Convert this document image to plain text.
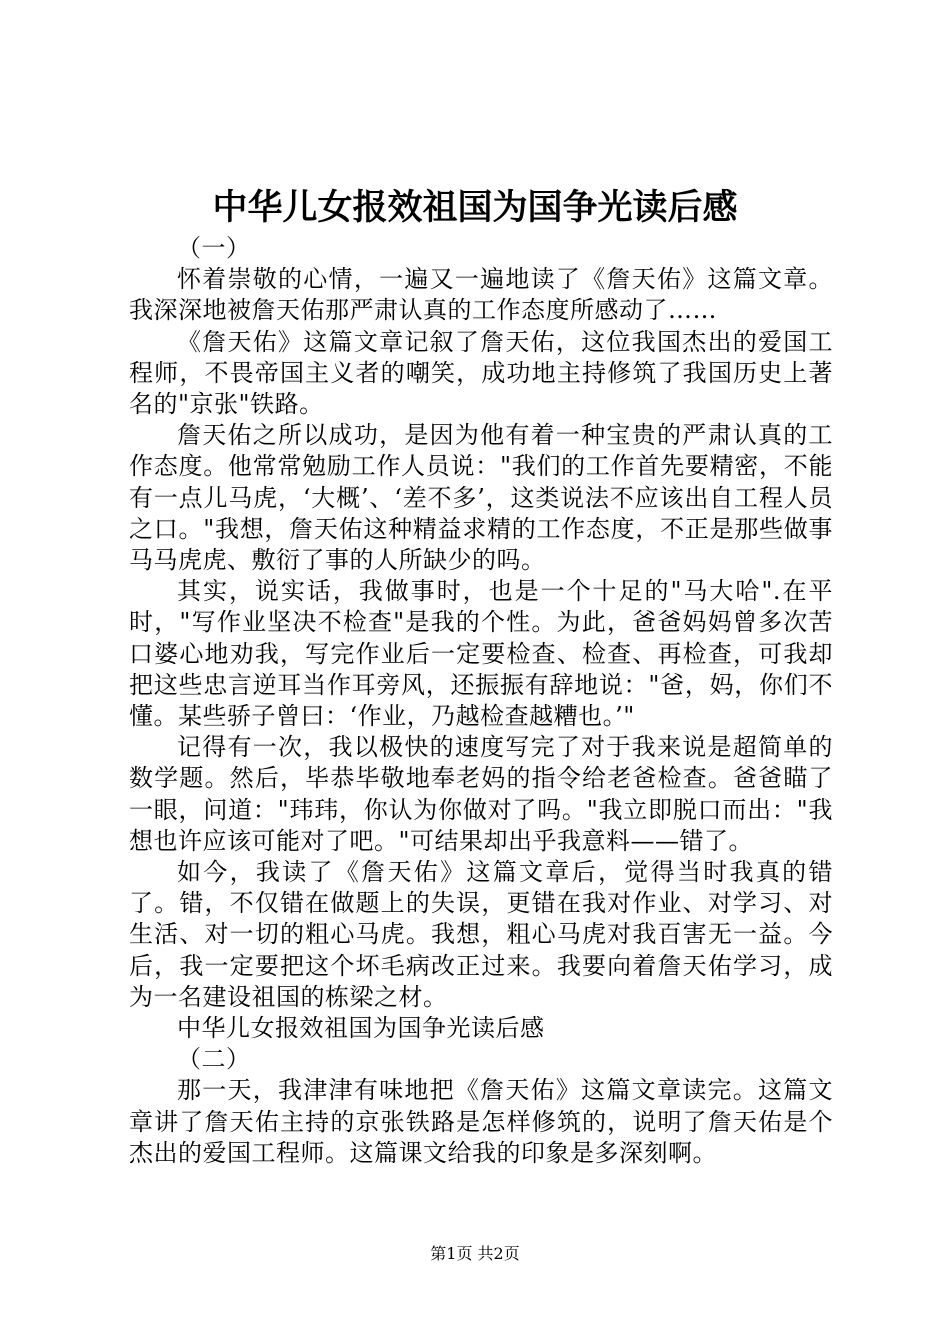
中华儿女报效祖国为国争光读后感

（一）

怀着崇敬的心情，一遍又一遍地读了《詹天佑》这篇文章。我深深地被詹天佑那严肃认真的工作态度所感动了……

《詹天佑》这篇文章记叙了詹天佑，这位我国杰出的爱国工程师，不畏帝国主义者的嘲笑，成功地主持修筑了我国历史上著名的"京张"铁路。

詹天佑之所以成功，是因为他有着一种宝贵的严肃认真的工作态度。他常常勉励工作人员说："我们的工作首先要精密，不能有一点儿马虎，‘大概’、‘差不多’，这类说法不应该出自工程人员之口。"我想，詹天佑这种精益求精的工作态度，不正是那些做事马马虎虎、敷衍了事的人所缺少的吗。

其实，说实话，我做事时，也是一个十足的"马大哈".在平时，"写作业坚决不检查"是我的个性。为此，爸爸妈妈曾多次苦口婆心地劝我，写完作业后一定要检查、检查、再检查，可我却把这些忠言逆耳当作耳旁风，还振振有辞地说："爸，妈，你们不懂。某些骄子曾曰：‘作业，乃越检查越糟也。’"

记得有一次，我以极快的速度写完了对于我来说是超简单的数学题。然后，毕恭毕敬地奉老妈的指令给老爸检查。爸爸瞄了一眼，问道："玮玮，你认为你做对了吗。"我立即脱口而出："我想也许应该可能对了吧。"可结果却出乎我意料——错了。

如今，我读了《詹天佑》这篇文章后，觉得当时我真的错了。错，不仅错在做题上的失误，更错在我对作业、对学习、对生活、对一切的粗心马虎。我想，粗心马虎对我百害无一益。今后，我一定要把这个坏毛病改正过来。我要向着詹天佑学习，成为一名建设祖国的栋梁之材。

中华儿女报效祖国为国争光读后感

（二）

那一天，我津津有味地把《詹天佑》这篇文章读完。这篇文章讲了詹天佑主持的京张铁路是怎样修筑的，说明了詹天佑是个杰出的爱国工程师。这篇课文给我的印象是多深刻啊。

第1页 共2页
